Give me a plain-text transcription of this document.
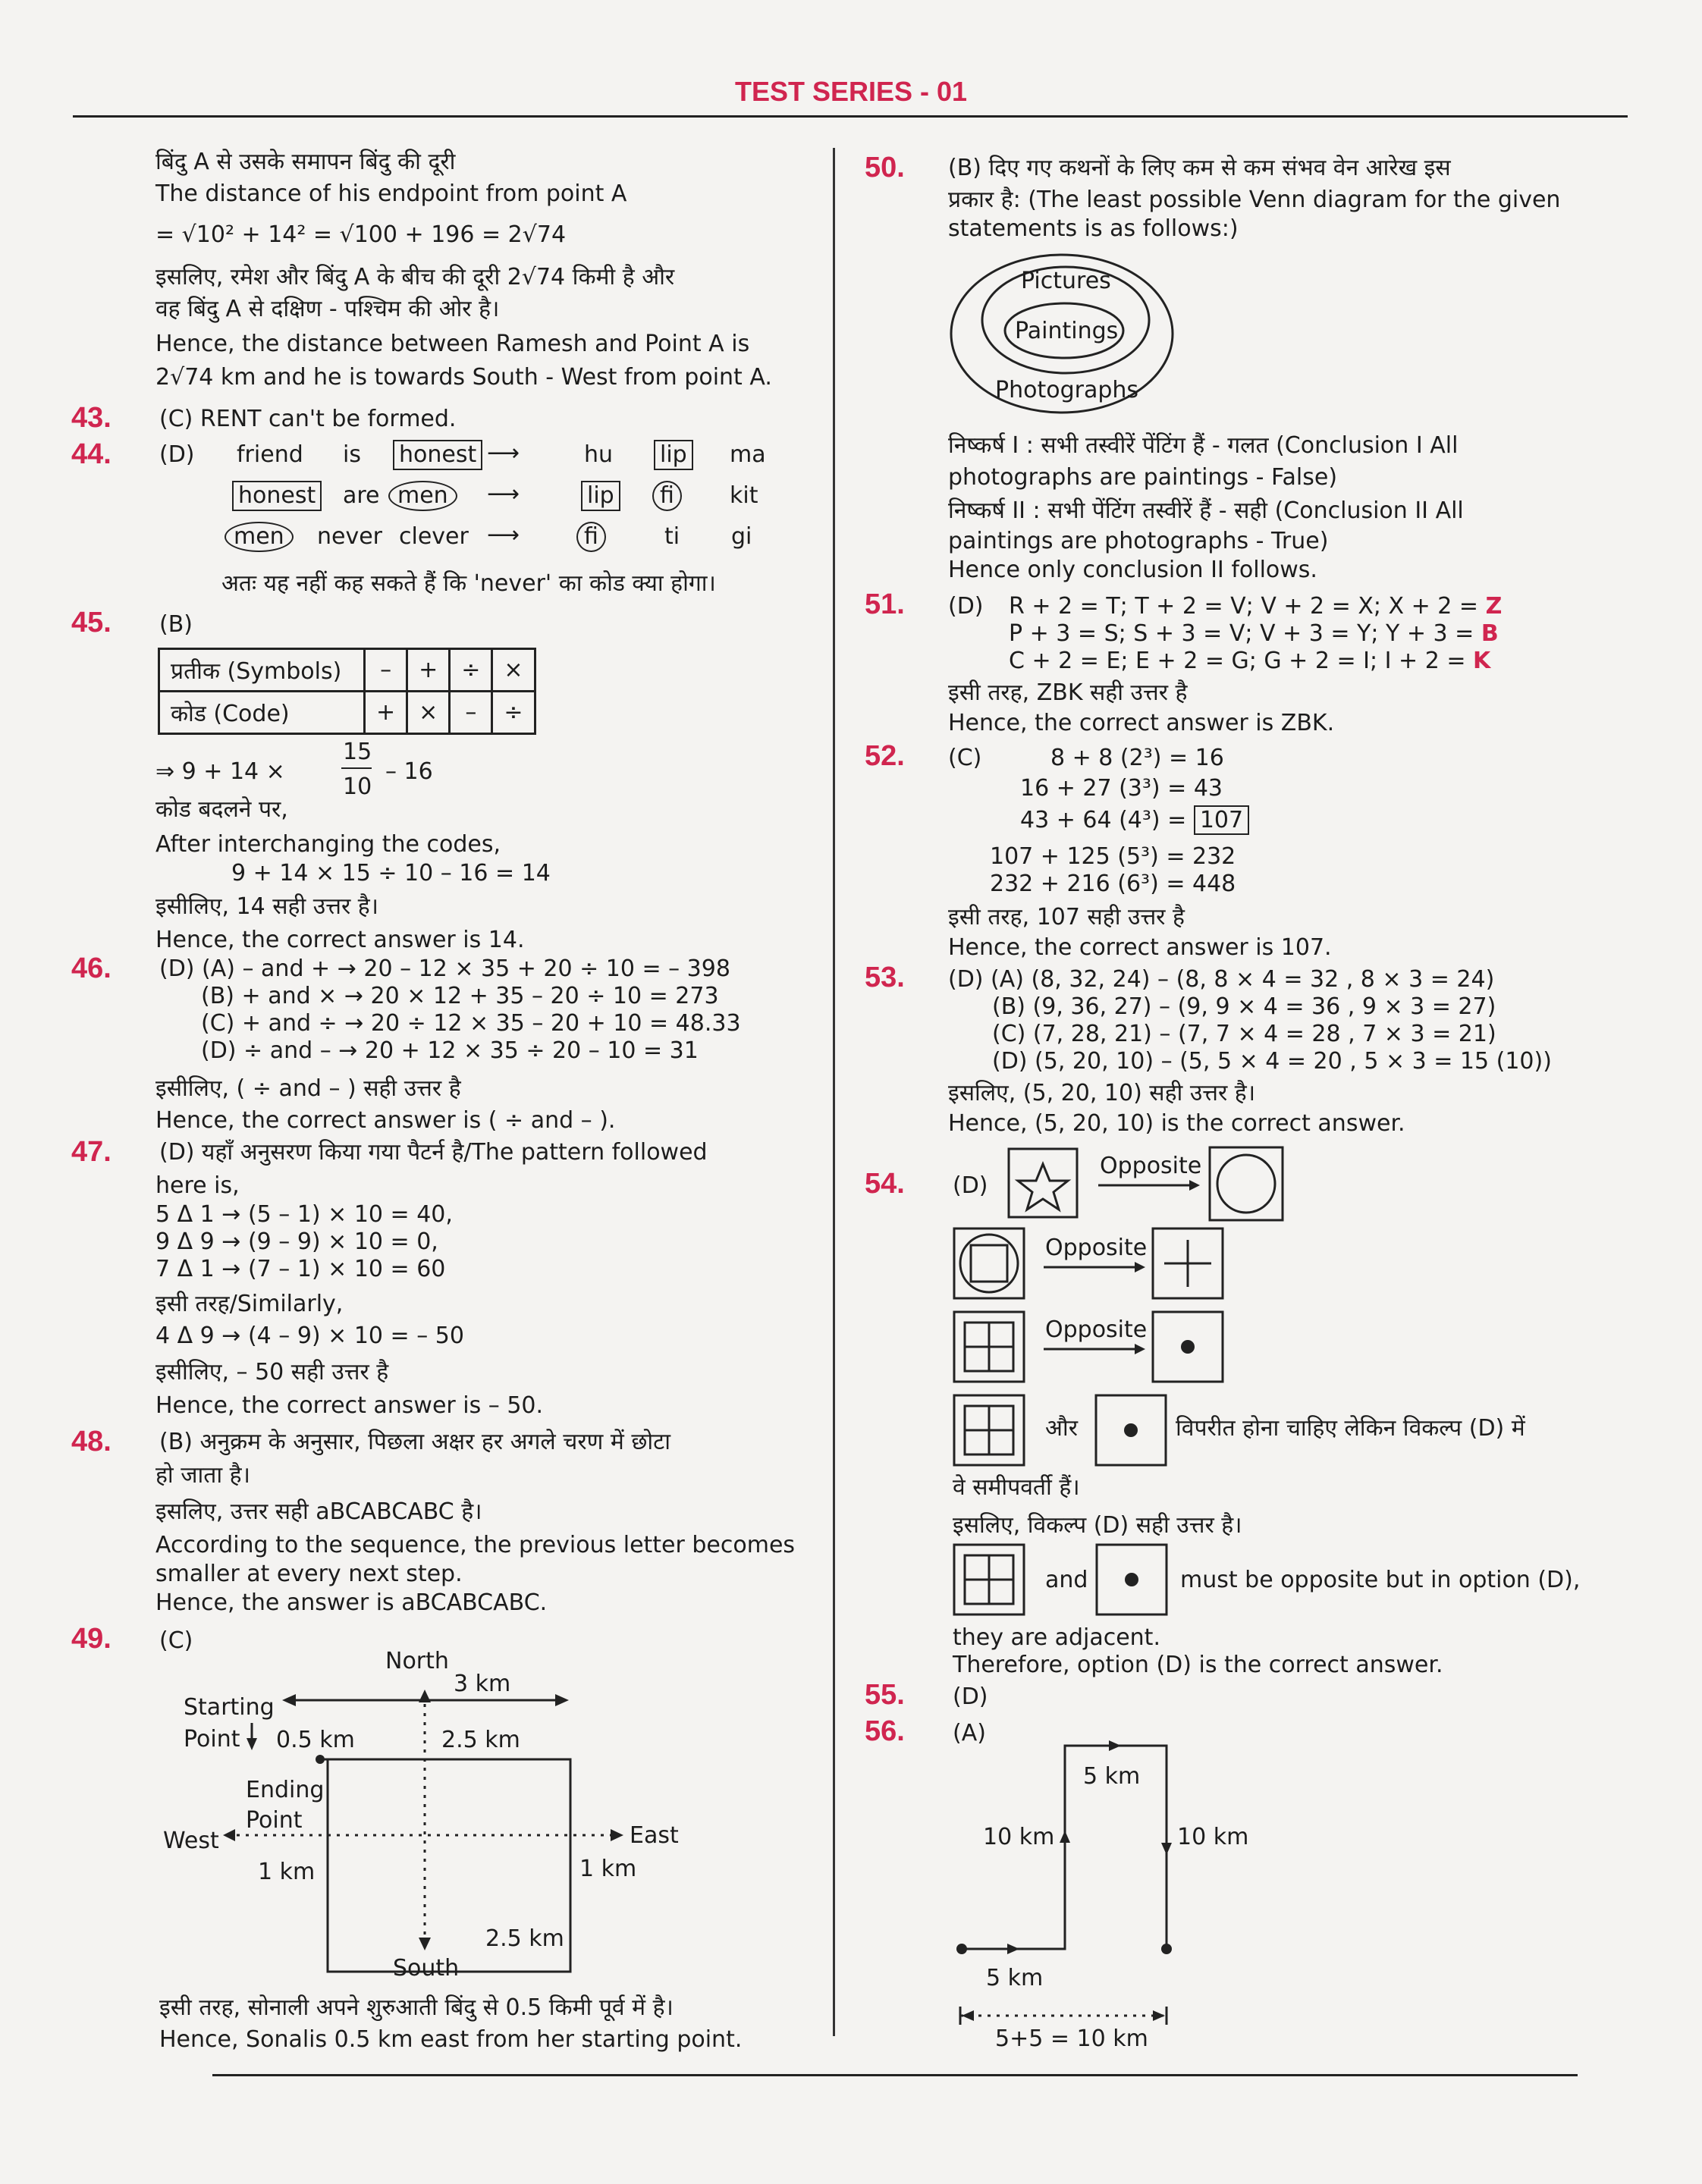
TEST SERIES - 01
बिंदु A से उसके समापन बिंदु की दूरी
The distance of his endpoint from point A
= √10² + 14² = √100 + 196 = 2√74
इसलिए, रमेश और बिंदु A के बीच की दूरी 2√74 किमी है और
वह बिंदु A से दक्षिण - पश्चिम की ओर है।
Hence, the distance between Ramesh and Point A is
2√74 km and he is towards South - West from point A.
43. (C) RENT can't be formed.
44. (D) friend is honest ⟶	hu lip ma
honest are men	⟶	lip	fi	kit
men	never clever ⟶	fi	ti gi
अतः यह नहीं कह सकते हैं कि 'never' का कोड क्या होगा।
45. (B)
प्रतीक (Symbols)	–	+	÷	×
कोड (Code)	+	×	–	÷
⇒ 9 + 14 ×
15
10
– 16
कोड बदलने पर,
After interchanging the codes,
9 + 14 × 15 ÷ 10 – 16 = 14
इसीलिए, 14 सही उत्तर है।
Hence, the correct answer is 14.
46. (D) (A) – and + → 20 – 12 × 35 + 20 ÷ 10 = – 398
(B) + and × → 20 × 12 + 35 – 20 ÷ 10 = 273
(C) + and ÷ → 20 ÷ 12 × 35 – 20 + 10 = 48.33
(D) ÷ and – → 20 + 12 × 35 ÷ 20 – 10 = 31
इसीलिए, ( ÷ and – ) सही उत्तर है
Hence, the correct answer is ( ÷ and – ).
47. (D) यहाँ अनुसरण किया गया पैटर्न है/The pattern followed
here is,
5 Δ 1 → (5 – 1) × 10 = 40,
9 Δ 9 → (9 – 9) × 10 = 0,
7 Δ 1 → (7 – 1) × 10 = 60
इसी तरह/Similarly,
4 Δ 9 → (4 – 9) × 10 = – 50
इसीलिए, – 50 सही उत्तर है
Hence, the correct answer is – 50.
48. (B) अनुक्रम के अनुसार, पिछला अक्षर हर अगले चरण में छोटा
हो जाता है।
इसलिए, उत्तर सही aBCABCABC है।
According to the sequence, the previous letter becomes
smaller at every next step.
Hence, the answer is aBCABCABC.
49. (C)
North
South
East
West
Starting
Point
Ending
Point
3 km
0.5 km	2.5 km
1 km	1 km
2.5 km
इसी तरह, सोनाली अपने शुरुआती बिंदु से 0.5 किमी पूर्व में है।
Hence, Sonalis 0.5 km east from her starting point.
50. (B) दिए गए कथनों के लिए कम से कम संभव वेन आरेख इस
प्रकार है: (The least possible Venn diagram for the given
statements is as follows:)
Pictures
Paintings
Photographs
निष्कर्ष I : सभी तस्वीरें पेंटिंग हैं - गलत (Conclusion I All
photographs are paintings - False)
निष्कर्ष II : सभी पेंटिंग तस्वीरें हैं - सही (Conclusion II All
paintings are photographs - True)
Hence only conclusion II follows.
51. (D) R + 2 = T; T + 2 = V; V + 2 = X; X + 2 = Z
P + 3 = S; S + 3 = V; V + 3 = Y; Y + 3 = B
C + 2 = E; E + 2 = G; G + 2 = I; I + 2 = K
इसी तरह, ZBK सही उत्तर है
Hence, the correct answer is ZBK.
52. (C)	8 + 8 (2³) = 16
16 + 27 (3³) = 43
43 + 64 (4³) = 107
107 + 125 (5³) = 232
232 + 216 (6³) = 448
इसी तरह, 107 सही उत्तर है
Hence, the correct answer is 107.
53. (D) (A) (8, 32, 24) – (8, 8 × 4 = 32 , 8 × 3 = 24)
(B) (9, 36, 27) – (9, 9 × 4 = 36 , 9 × 3 = 27)
(C) (7, 28, 21) – (7, 7 × 4 = 28 , 7 × 3 = 21)
(D) (5, 20, 10) – (5, 5 × 4 = 20 , 5 × 3 = 15 (10))
इसलिए, (5, 20, 10) सही उत्तर है।
Hence, (5, 20, 10) is the correct answer.
54. (D)
Opposite
Opposite
Opposite
और	विपरीत होना चाहिए लेकिन विकल्प (D) में
वे समीपवर्ती हैं।
इसलिए, विकल्प (D) सही उत्तर है।
and	must be opposite but in option (D),
they are adjacent.
Therefore, option (D) is the correct answer.
55. (D)
56. (A)
5 km
10 km	10 km
5 km
5+5 = 10 km
